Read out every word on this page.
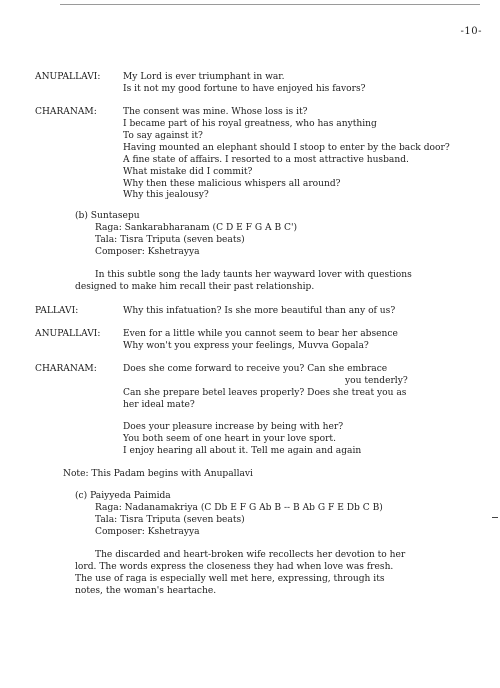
-10-
ANUPALLAVI: My Lord is ever triumphant in war.
Is it not my good fortune to have enjoyed his favors?
CHARANAM:	The consent was mine. Whose loss is it?
I became part of his royal greatness, who has anything
To say against it?
Having mounted an elephant should I stoop to enter by the back door?
A fine state of affairs. I resorted to a most attractive husband.
What mistake did I commit?
Why then these malicious whispers all around?
Why this jealousy?
(b) Suntasepu
Raga: Sankarabharanam (C D E F G A B C')
Tala: Tisra Triputa (seven beats)
Composer: Kshetrayya
In this subtle song the lady taunts her wayward lover with questions
designed to make him recall their past relationship.
PALLAVI:	Why this infatuation? Is she more beautiful than any of us?
ANUPALLAVI: Even for a little while you cannot seem to bear her absence
Why won't you express your feelings, Muvva Gopala?
CHARANAM:	Does she come forward to receive you? Can she embrace
you tenderly?
Can she prepare betel leaves properly? Does she treat you as
her ideal mate?
Does your pleasure increase by being with her?
You both seem of one heart in your love sport.
I enjoy hearing all about it. Tell me again and again
Note: This Padam begins with Anupallavi
(c) Paiyyeda Paimida
Raga: Nadanamakriya (C Db E F G Ab B -- B Ab G F E Db C B)
Tala: Tisra Triputa (seven beats)
Composer: Kshetrayya
The discarded and heart-broken wife recollects her devotion to her
lord. The words express the closeness they had when love was fresh.
The use of raga is especially well met here, expressing, through its
notes, the woman's heartache.
